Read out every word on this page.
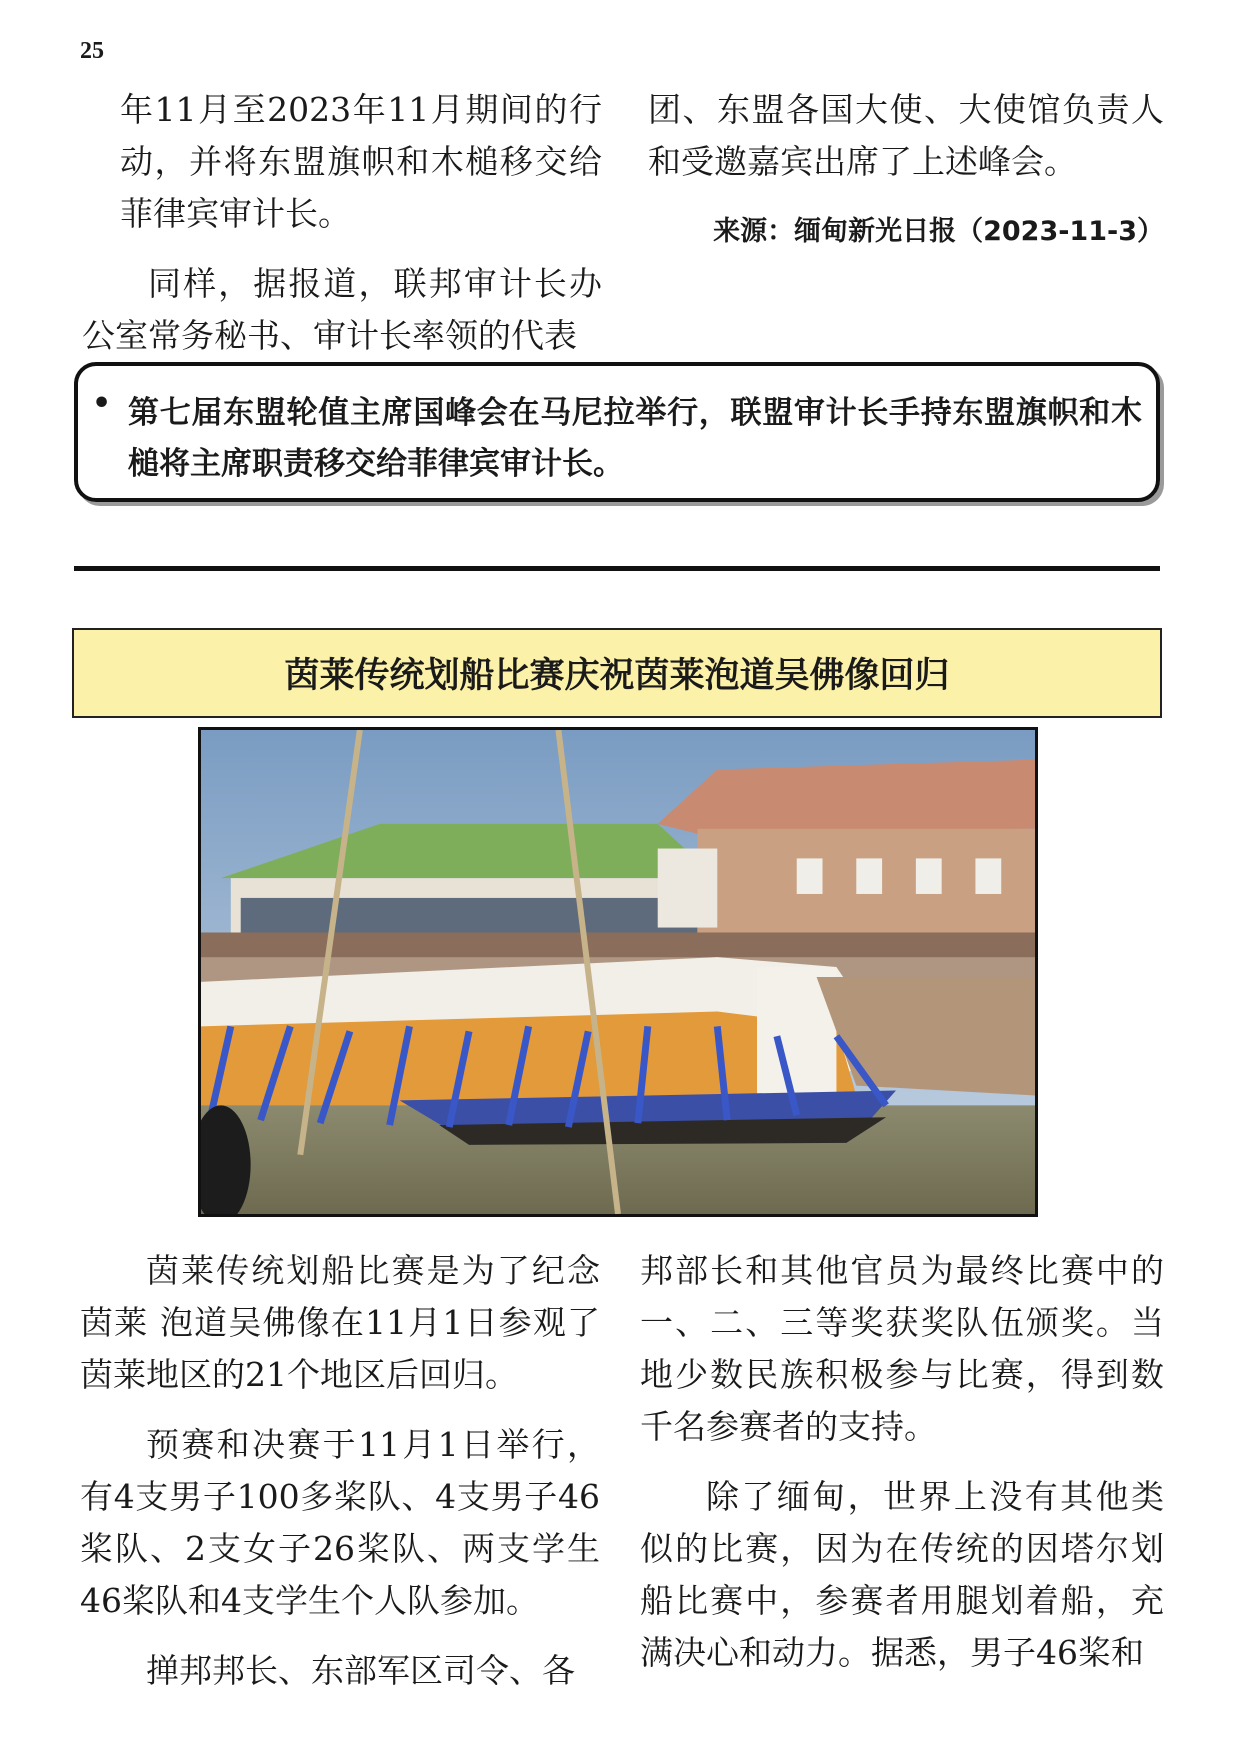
25

年11月至2023年11月期间的行动，并将东盟旗帜和木槌移交给菲律宾审计长。

同样，据报道，联邦审计长办公室常务秘书、审计长率领的代表

团、东盟各国大使、大使馆负责人和受邀嘉宾出席了上述峰会。

来源：缅甸新光日报（2023-11-3）

• 第七届东盟轮值主席国峰会在马尼拉举行，联盟审计长手持东盟旗帜和木槌将主席职责移交给菲律宾审计长。
茵莱传统划船比赛庆祝茵莱泡道吴佛像回归

茵莱传统划船比赛是为了纪念茵莱 泡道吴佛像在11月1日参观了茵莱地区的21个地区后回归。

预赛和决赛于11月1日举行，有4支男子100多桨队、4支男子46桨队、2支女子26桨队、两支学生46桨队和4支学生个人队参加。

掸邦邦长、东部军区司令、各

邦部长和其他官员为最终比赛中的一、二、三等奖获奖队伍颁奖。当地少数民族积极参与比赛，得到数千名参赛者的支持。

除了缅甸，世界上没有其他类似的比赛，因为在传统的因塔尔划船比赛中，参赛者用腿划着船，充满决心和动力。据悉，男子46桨和
